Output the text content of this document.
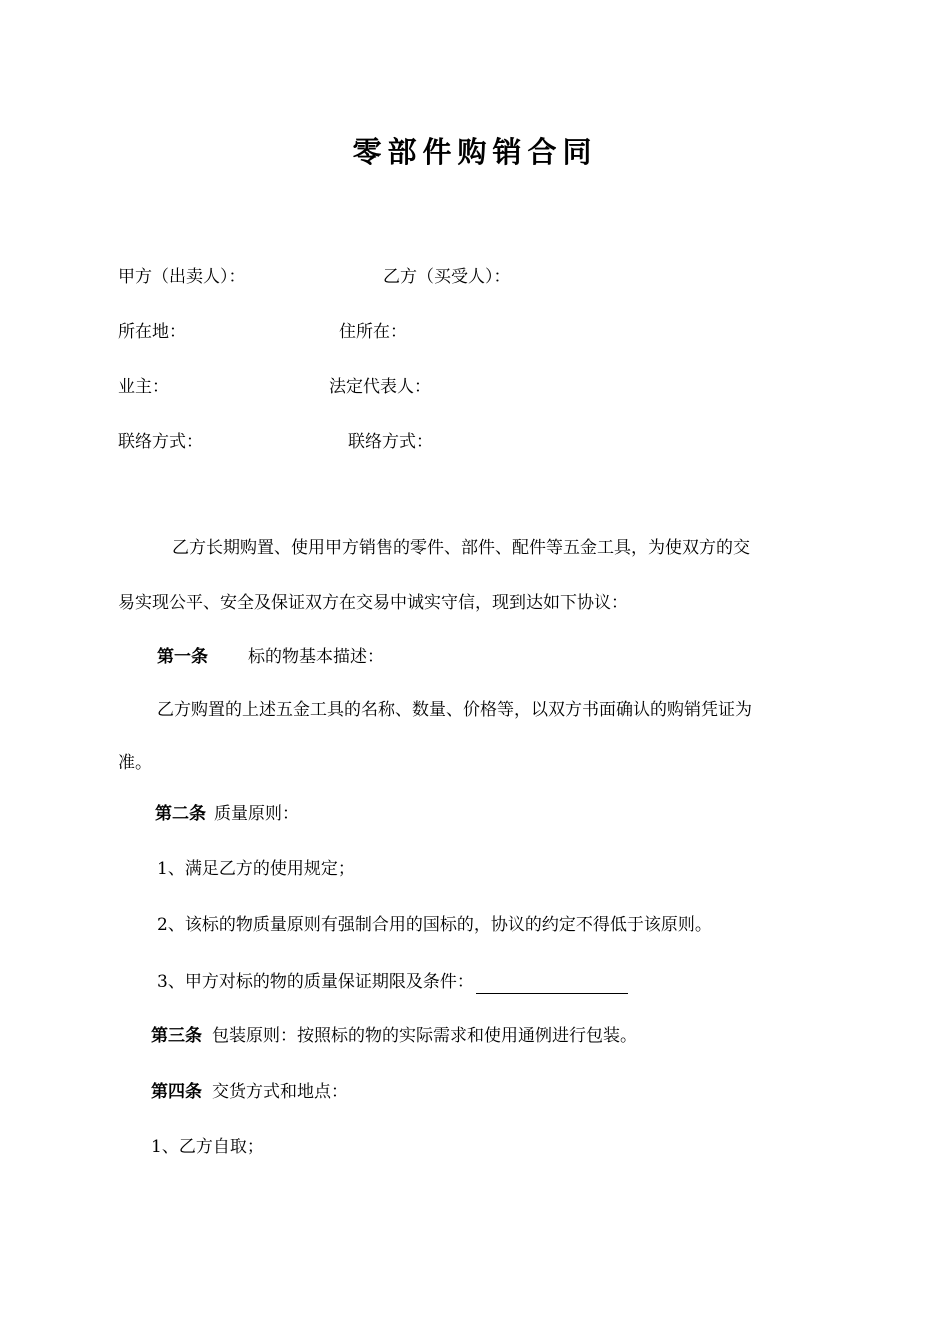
零部件购销合同
甲方（出卖人）：	乙方（买受人）：
所在地：	住所在：
业主：	法定代表人：
联络方式：	联络方式：
乙方长期购置、使用甲方销售的零件、部件、配件等五金工具，为使双方的交
易实现公平、安全及保证双方在交易中诚实守信，现到达如下协议：
第一条 标的物基本描述：
乙方购置的上述五金工具的名称、数量、价格等，以双方书面确认的购销凭证为
准。
第二条 质量原则：
1、满足乙方的使用规定；
2、该标的物质量原则有强制合用的国标的，协议的约定不得低于该原则。
3、甲方对标的物的质量保证期限及条件：
第三条 包装原则：按照标的物的实际需求和使用通例进行包装。
第四条 交货方式和地点：
1、乙方自取；
